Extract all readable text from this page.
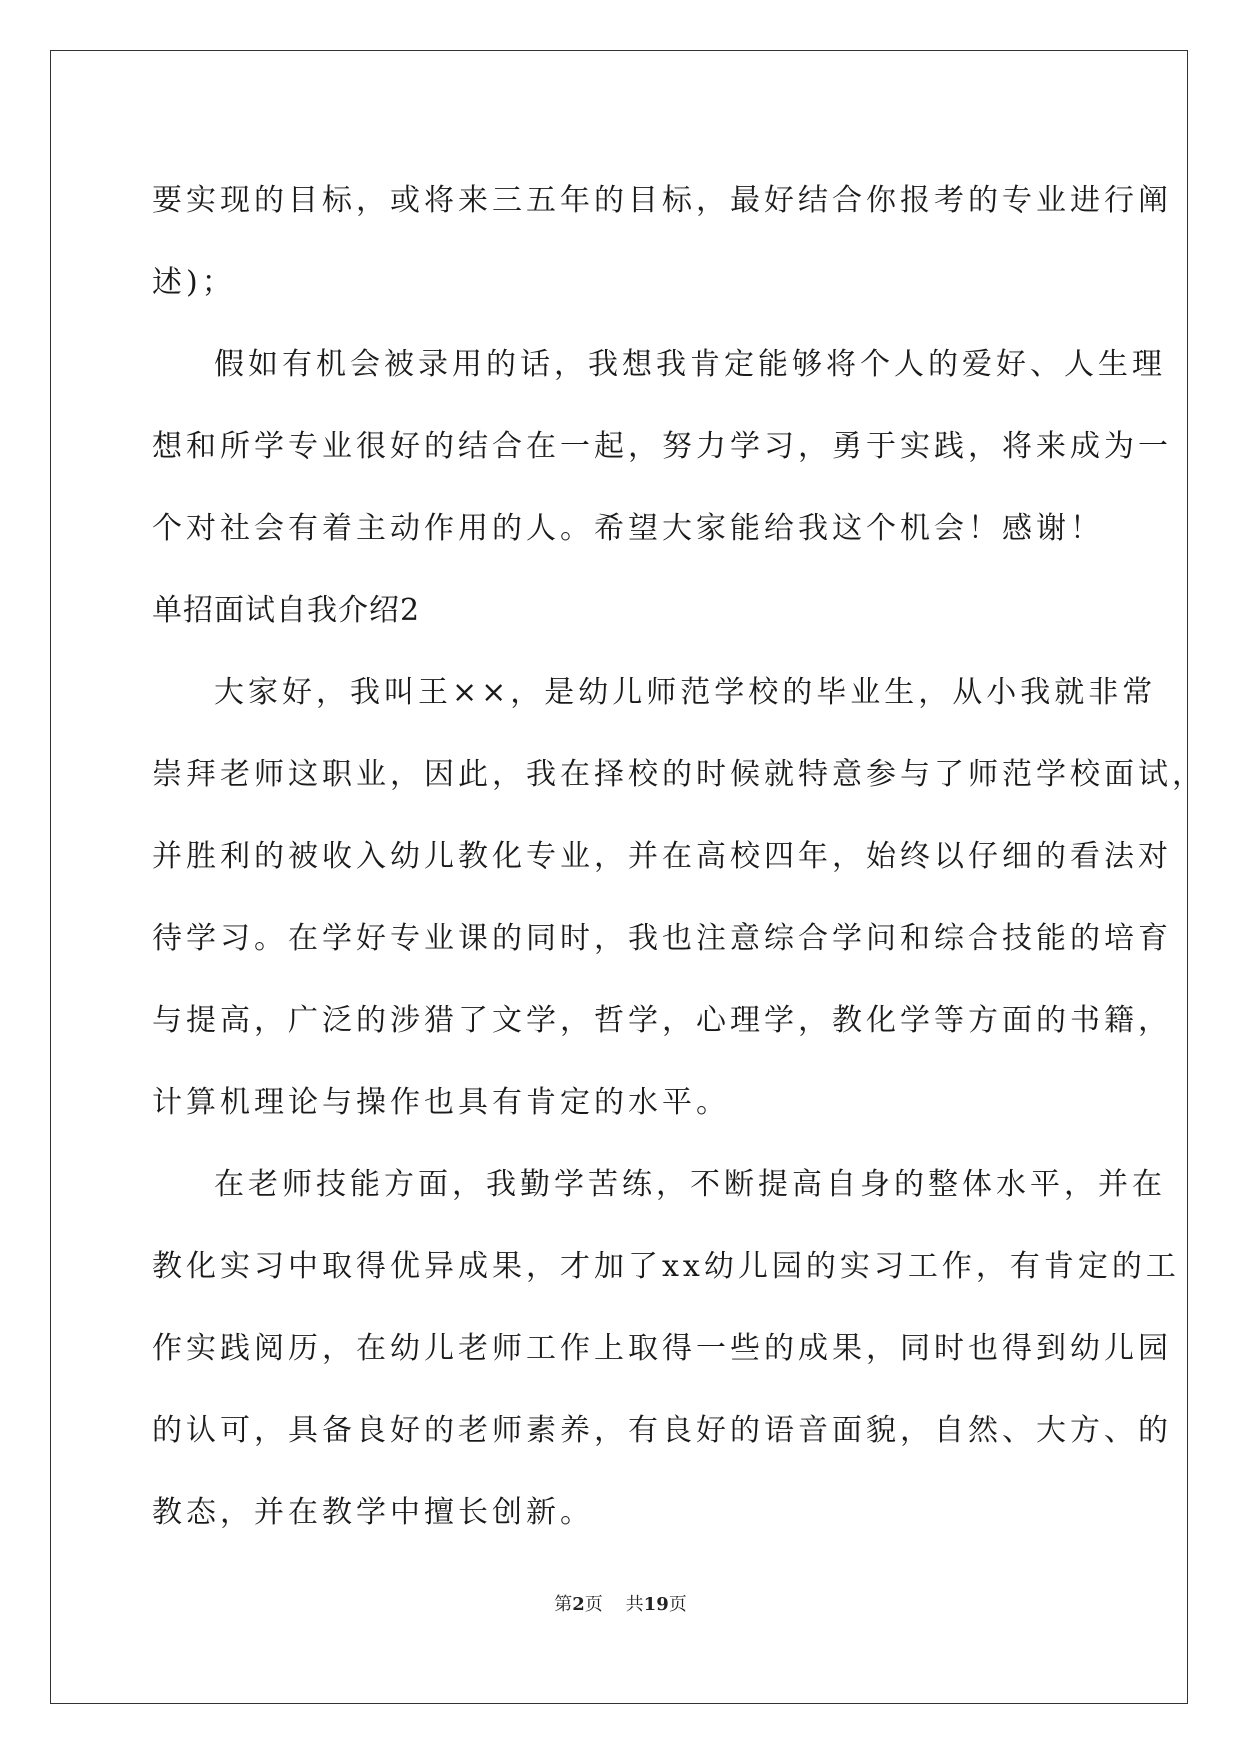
要实现的目标，或将来三五年的目标，最好结合你报考的专业进行阐
述)；
假如有机会被录用的话，我想我肯定能够将个人的爱好、人生理
想和所学专业很好的结合在一起，努力学习，勇于实践，将来成为一
个对社会有着主动作用的人。希望大家能给我这个机会！感谢！
单招面试自我介绍2
大家好，我叫王××，是幼儿师范学校的毕业生，从小我就非常
崇拜老师这职业，因此，我在择校的时候就特意参与了师范学校面试，
并胜利的被收入幼儿教化专业，并在高校四年，始终以仔细的看法对
待学习。在学好专业课的同时，我也注意综合学问和综合技能的培育
与提高，广泛的涉猎了文学，哲学，心理学，教化学等方面的书籍，
计算机理论与操作也具有肯定的水平。
在老师技能方面，我勤学苦练，不断提高自身的整体水平，并在
教化实习中取得优异成果，才加了xx幼儿园的实习工作，有肯定的工
作实践阅历，在幼儿老师工作上取得一些的成果，同时也得到幼儿园
的认可，具备良好的老师素养，有良好的语音面貌，自然、大方、的
教态，并在教学中擅长创新。
第2页 共19页
